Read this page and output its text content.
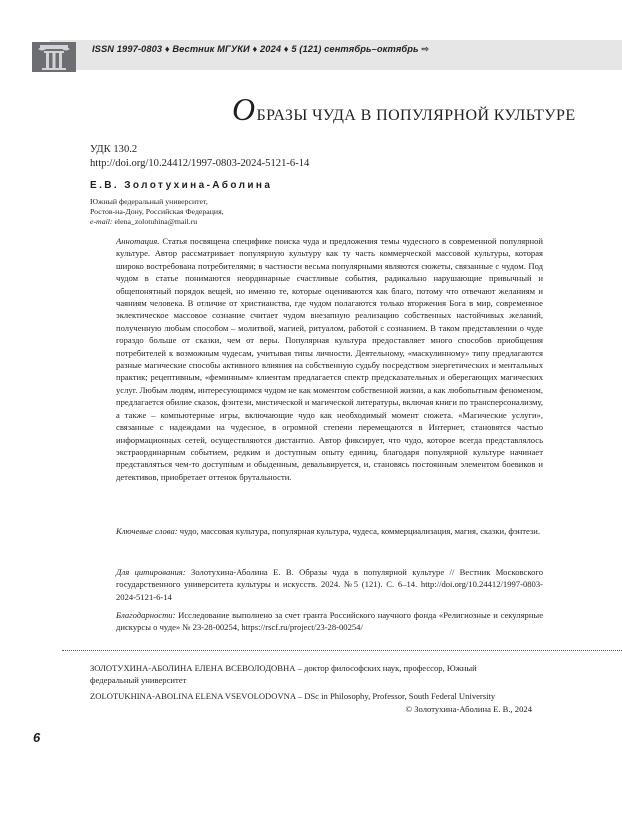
ISSN 1997-0803 ♦ Вестник МГУКИ ♦ 2024 ♦ 5 (121) сентябрь–октябрь ⇨
ОБРАЗЫ ЧУДА В ПОПУЛЯРНОЙ КУЛЬТУРЕ
УДК 130.2
http://doi.org/10.24412/1997-0803-2024-5121-6-14
Е.В. Золотухина-Аболина
Южный федеральный университет,
Ростов-на-Дону, Российская Федерация,
e-mail: elena_zolotuhina@mail.ru
Аннотация. Статья посвящена специфике поиска чуда и предложения темы чудесного в современной популярной культуре. Автор рассматривает популярную культуру как ту часть коммерческой массовой культуры, которая широко востребована потребителями; в частности весьма популярными являются сюжеты, связанные с чудом. Под чудом в статье понимаются неординарные счастливые события, радикально нарушающие привычный и общепонятный порядок вещей, но именно те, которые оцениваются как благо, потому что отвечают желаниям и чаяниям человека. В отличие от христианства, где чудом полагаются только вторжения Бога в мир, современное эклектическое массовое сознание считает чудом внезапную реализацию собственных настойчивых желаний, полученную любым способом – молитвой, магией, ритуалом, работой с сознанием. В таком представлении о чуде гораздо больше от сказки, чем от веры. Популярная культура предоставляет много способов приобщения потребителей к возможным чудесам, учитывая типы личности. Деятельному, «маскулинному» типу предлагаются разные магические способы активного влияния на собственную судьбу посредством энергетических и ментальных практик; рецептивным, «феминным» клиентам предлагается спектр предсказательных и оберегающих магических услуг. Любым людям, интересующимся чудом не как моментом собственной жизни, а как любопытным феноменом, предлагается обилие сказок, фэнтези, мистической и магической литературы, включая книги по трансперсонализму, а также – компьютерные игры, включающие чудо как необходимый момент сюжета. «Магические услуги», связанные с надеждами на чудесное, в огромной степени перемещаются в Интернет, становятся частью информационных сетей, осуществляются дистантно. Автор фиксирует, что чудо, которое всегда представлялось экстраординарным событием, редким и доступным опыту единиц, благодаря популярной культуре начинает представляться чем-то доступным и обыденным, девальвируется, и, становясь постоянным элементом боевиков и детективов, приобретает оттенок брутальности.
Ключевые слова: чудо, массовая культура, популярная культура, чудеса, коммерциализация, магия, сказки, фэнтези.
Для цитирования: Золотухина-Аболина Е. В. Образы чуда в популярной культуре // Вестник Московского государственного университета культуры и искусств. 2024. №5 (121). С. 6–14. http://doi.org/10.24412/1997-0803-2024-5121-6-14
Благодарности: Исследование выполнено за счет гранта Российского научного фонда «Религиозные и секулярные дискурсы о чуде» № 23-28-00254, https://rscf.ru/project/23-28-00254/
ЗОЛОТУХИНА-АБОЛИНА ЕЛЕНА ВСЕВОЛОДОВНА – доктор философских наук, профессор, Южный
федеральный университет
ZOLOTUKHINA-ABOLINA ELENA VSEVOLODOVNA – DSc in Philosophy, Professor, South Federal University
© Золотухина-Аболина Е. В., 2024
6
